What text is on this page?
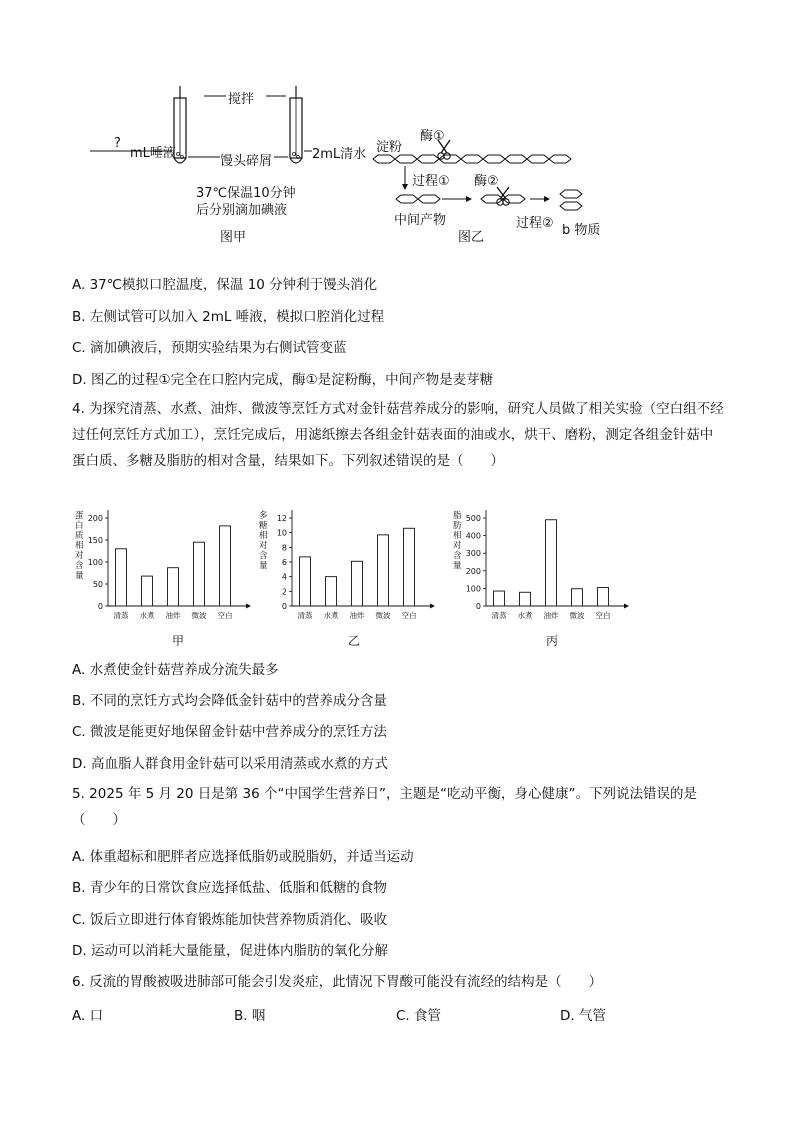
搅拌
?
mL唾液
馒头碎屑	2mL清水
37℃保温10分钟
后分别滴加碘液
图甲
淀粉
酶①
过程① 酶②
中间产物	过程② b 物质
图乙
A. 37℃模拟口腔温度，保温 10 分钟利于馒头消化
B. 左侧试管可以加入 2mL 唾液，模拟口腔消化过程
C. 滴加碘液后，预期实验结果为右侧试管变蓝
D. 图乙的过程①完全在口腔内完成，酶①是淀粉酶，中间产物是麦芽糖
4. 为探究清蒸、水煮、油炸、微波等烹饪方式对金针菇营养成分的影响，研究人员做了相关实验（空白组不经过任何烹饪方式加工），烹饪完成后，用滤纸擦去各组金针菇表面的油或水，烘干、磨粉，测定各组金针菇中蛋白质、多糖及脂肪的相对含量，结果如下。下列叙述错误的是（　　）
蛋
白
质
相
对
含
量
0
50
100
150
200
清蒸 水煮 油炸 微波 空白
多
糖
相
对
含
量
0
2
4
6
8
10
12
清蒸 水煮 油炸 微波 空白
脂
肪
相
对
含
量
0
100
200
300
400
500
清蒸 水煮 油炸 微波 空白
甲	乙	丙
A. 水煮使金针菇营养成分流失最多
B. 不同的烹饪方式均会降低金针菇中的营养成分含量
C. 微波是能更好地保留金针菇中营养成分的烹饪方法
D. 高血脂人群食用金针菇可以采用清蒸或水煮的方式
5. 2025 年 5 月 20 日是第 36 个“中国学生营养日”，主题是“吃动平衡，身心健康”。下列说法错误的是（　　）
A. 体重超标和肥胖者应选择低脂奶或脱脂奶，并适当运动
B. 青少年的日常饮食应选择低盐、低脂和低糖的食物
C. 饭后立即进行体育锻炼能加快营养物质消化、吸收
D. 运动可以消耗大量能量，促进体内脂肪的氧化分解
6. 反流的胃酸被吸进肺部可能会引发炎症，此情况下胃酸可能没有流经的结构是（　　）
A. 口	B. 咽	C. 食管	D. 气管
